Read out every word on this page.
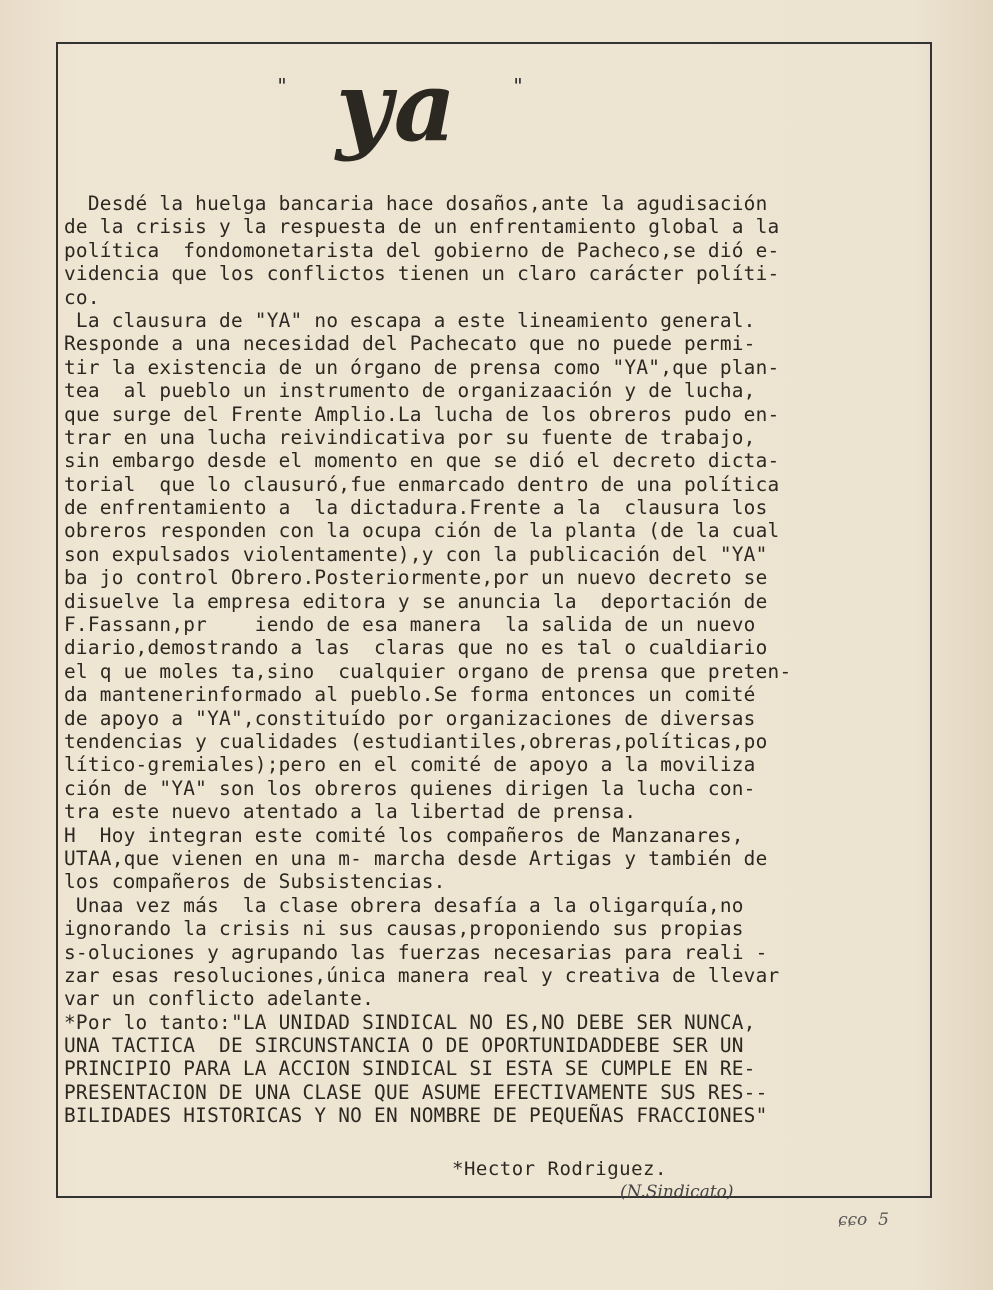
" ya	"
Desdé la huelga bancaria hace dosaños,ante la agudisación
de la crisis y la respuesta de un enfrentamiento global a la
política  fondomonetarista del gobierno de Pacheco,se dió e-
videncia que los conflictos tienen un claro carácter políti-
co.
La clausura de "YA" no escapa a este lineamiento general.
Responde a una necesidad del Pachecato que no puede permi-
tir la existencia de un órgano de prensa como "YA",que plan-
tea  al pueblo un instrumento de organizaación y de lucha,
que surge del Frente Amplio.La lucha de los obreros pudo en-
trar en una lucha reivindicativa por su fuente de trabajo,
sin embargo desde el momento en que se dió el decreto dicta-
torial  que lo clausuró,fue enmarcado dentro de una política
de enfrentamiento a  la dictadura.Frente a la  clausura los
obreros responden con la ocupa ción de la planta (de la cual
son expulsados violentamente),y con la publicación del "YA"
ba jo control Obrero.Posteriormente,por un nuevo decreto se
disuelve la empresa editora y se anuncia la  deportación de
F.Fassann,pr    iendo de esa manera  la salida de un nuevo
diario,demostrando a las  claras que no es tal o cualdiario
el q ue moles ta,sino  cualquier organo de prensa que preten-
da mantenerinformado al pueblo.Se forma entonces un comité
de apoyo a "YA",constituído por organizaciones de diversas
tendencias y cualidades (estudiantiles,obreras,políticas,po
lítico-gremiales);pero en el comité de apoyo a la moviliza
ción de "YA" son los obreros quienes dirigen la lucha con-
tra este nuevo atentado a la libertad de prensa.
H  Hoy integran este comité los compañeros de Manzanares,
UTAA,que vienen en una m- marcha desde Artigas y también de
los compañeros de Subsistencias.
Unaa vez más  la clase obrera desafía a la oligarquía,no
ignorando la crisis ni sus causas,proponiendo sus propias
s-oluciones y agrupando las fuerzas necesarias para reali -
zar esas resoluciones,única manera real y creativa de llevar
var un conflicto adelante.
*Por lo tanto:"LA UNIDAD SINDICAL NO ES,NO DEBE SER NUNCA,
UNA TACTICA  DE SIRCUNSTANCIA O DE OPORTUNIDADDEBE SER UN
PRINCIPIO PARA LA ACCION SINDICAL SI ESTA SE CUMPLE EN RE-
PRESENTACION DE UNA CLASE QUE ASUME EFECTIVAMENTE SUS RES--
BILIDADES HISTORICAS Y NO EN NOMBRE DE PEQUEÑAS FRACCIONES"
*Hector Rodriguez.
(N.Sindicato)
ɕɕo  5
